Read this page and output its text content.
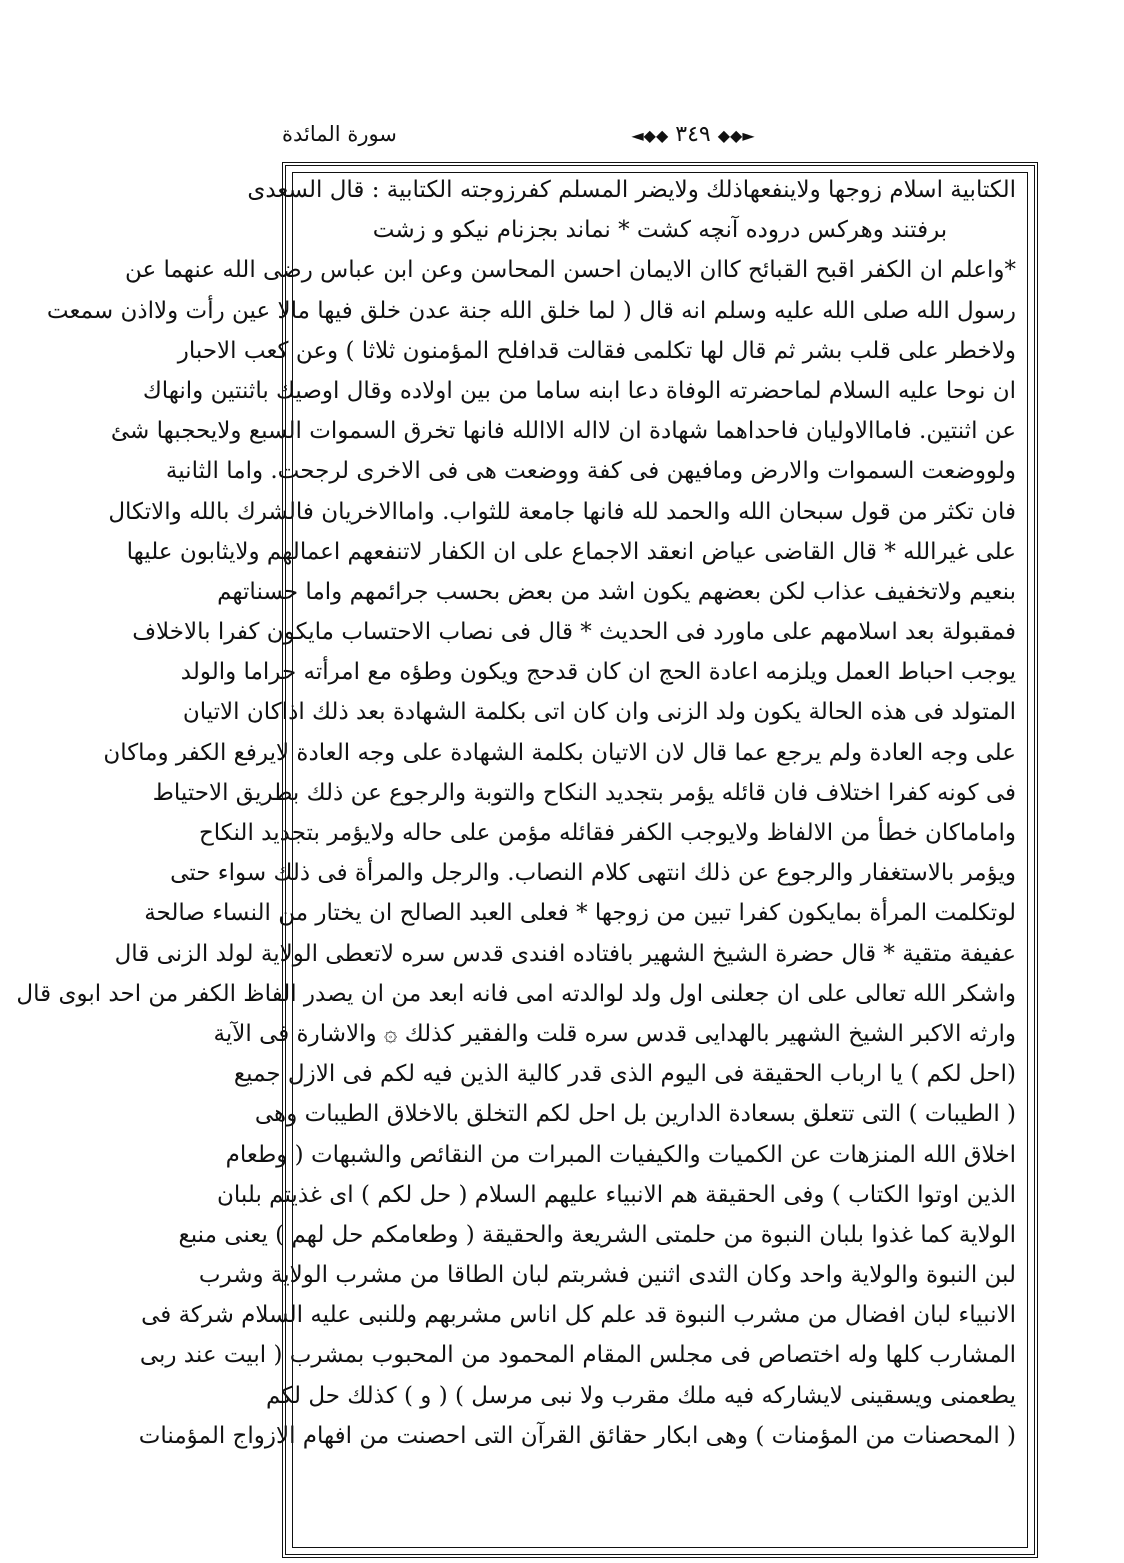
سورة المائدة	◄◆◆ ٣٤٩ ◆◆►
الكتابية اسلام زوجها ولاينفعهاذلك ولايضر المسلم كفرزوجته الكتابية : قال السعدى
برفتند وهركس دروده آنچه كشت * نماند بجزنام نيكو و زشت
*واعلم ان الكفر اقبح القبائح كاان الايمان احسن المحاسن وعن ابن عباس رضى الله عنهما عن
رسول الله صلى الله عليه وسلم انه قال ( لما خلق الله جنة عدن خلق فيها مالا عين رأت ولااذن سمعت
ولاخطر على قلب بشر ثم قال لها تكلمى فقالت قدافلح المؤمنون ثلاثا ) وعن كعب الاحبار
ان نوحا عليه السلام لماحضرته الوفاة دعا ابنه ساما من بين اولاده وقال اوصيك باثنتين وانهاك
عن اثنتين. فاماالاوليان فاحداهما شهادة ان لااله الاالله فانها تخرق السموات السبع ولايحجبها شئ
ولووضعت السموات والارض ومافيهن فى كفة ووضعت هى فى الاخرى لرجحت. واما الثانية
فان تكثر من قول سبحان الله والحمد لله فانها جامعة للثواب. واماالاخريان فالشرك بالله والاتكال
على غيرالله * قال القاضى عياض انعقد الاجماع على ان الكفار لاتنفعهم اعمالهم ولايثابون عليها
بنعيم ولاتخفيف عذاب لكن بعضهم يكون اشد من بعض بحسب جرائمهم واما حسناتهم
فمقبولة بعد اسلامهم على ماورد فى الحديث * قال فى نصاب الاحتساب مايكون كفرا بالاخلاف
يوجب احباط العمل ويلزمه اعادة الحج ان كان قدحج ويكون وطؤه مع امرأته حراما والولد
المتولد فى هذه الحالة يكون ولد الزنى وان كان اتى بكلمة الشهادة بعد ذلك اذاكان الاتيان
على وجه العادة ولم يرجع عما قال لان الاتيان بكلمة الشهادة على وجه العادة لايرفع الكفر وماكان
فى كونه كفرا اختلاف فان قائله يؤمر بتجديد النكاح والتوبة والرجوع عن ذلك بطريق الاحتياط
واماماكان خطأ من الالفاظ ولايوجب الكفر فقائله مؤمن على حاله ولايؤمر بتجديد النكاح
ويؤمر بالاستغفار والرجوع عن ذلك انتهى كلام النصاب. والرجل والمرأة فى ذلك سواء حتى
لوتكلمت المرأة بمايكون كفرا تبين من زوجها * فعلى العبد الصالح ان يختار من النساء صالحة
عفيفة متقية * قال حضرة الشيخ الشهير بافتاده افندى قدس سره لاتعطى الولاية لولد الزنى قال
واشكر الله تعالى على ان جعلنى اول ولد لوالدته امى فانه ابعد من ان يصدر الفاظ الكفر من احد ابوى قال
وارثه الاكبر الشيخ الشهير بالهدايى قدس سره قلت والفقير كذلك ۞ والاشارة فى الآية
(احل لكم ) يا ارباب الحقيقة فى اليوم الذى قدر كالية الذين فيه لكم فى الازل جميع
( الطيبات ) التى تتعلق بسعادة الدارين بل احل لكم التخلق بالاخلاق الطيبات وهى
اخلاق الله المنزهات عن الكميات والكيفيات المبرات من النقائص والشبهات ( وطعام
الذين اوتوا الكتاب ) وفى الحقيقة هم الانبياء عليهم السلام ( حل لكم ) اى غذيتم بلبان
الولاية كما غذوا بلبان النبوة من حلمتى الشريعة والحقيقة ( وطعامكم حل لهم ) يعنى منبع
لبن النبوة والولاية واحد وكان الثدى اثنين فشربتم لبان الطاقا من مشرب الولاية وشرب
الانبياء لبان افضال من مشرب النبوة قد علم كل اناس مشربهم وللنبى عليه السلام شركة فى
المشارب كلها وله اختصاص فى مجلس المقام المحمود من المحبوب بمشرب ( ابيت عند ربى
يطعمنى ويسقينى لايشاركه فيه ملك مقرب ولا نبى مرسل ) ( و ) كذلك حل لكم
( المحصنات من المؤمنات ) وهى ابكار حقائق القرآن التى احصنت من افهام الازواج المؤمنات
